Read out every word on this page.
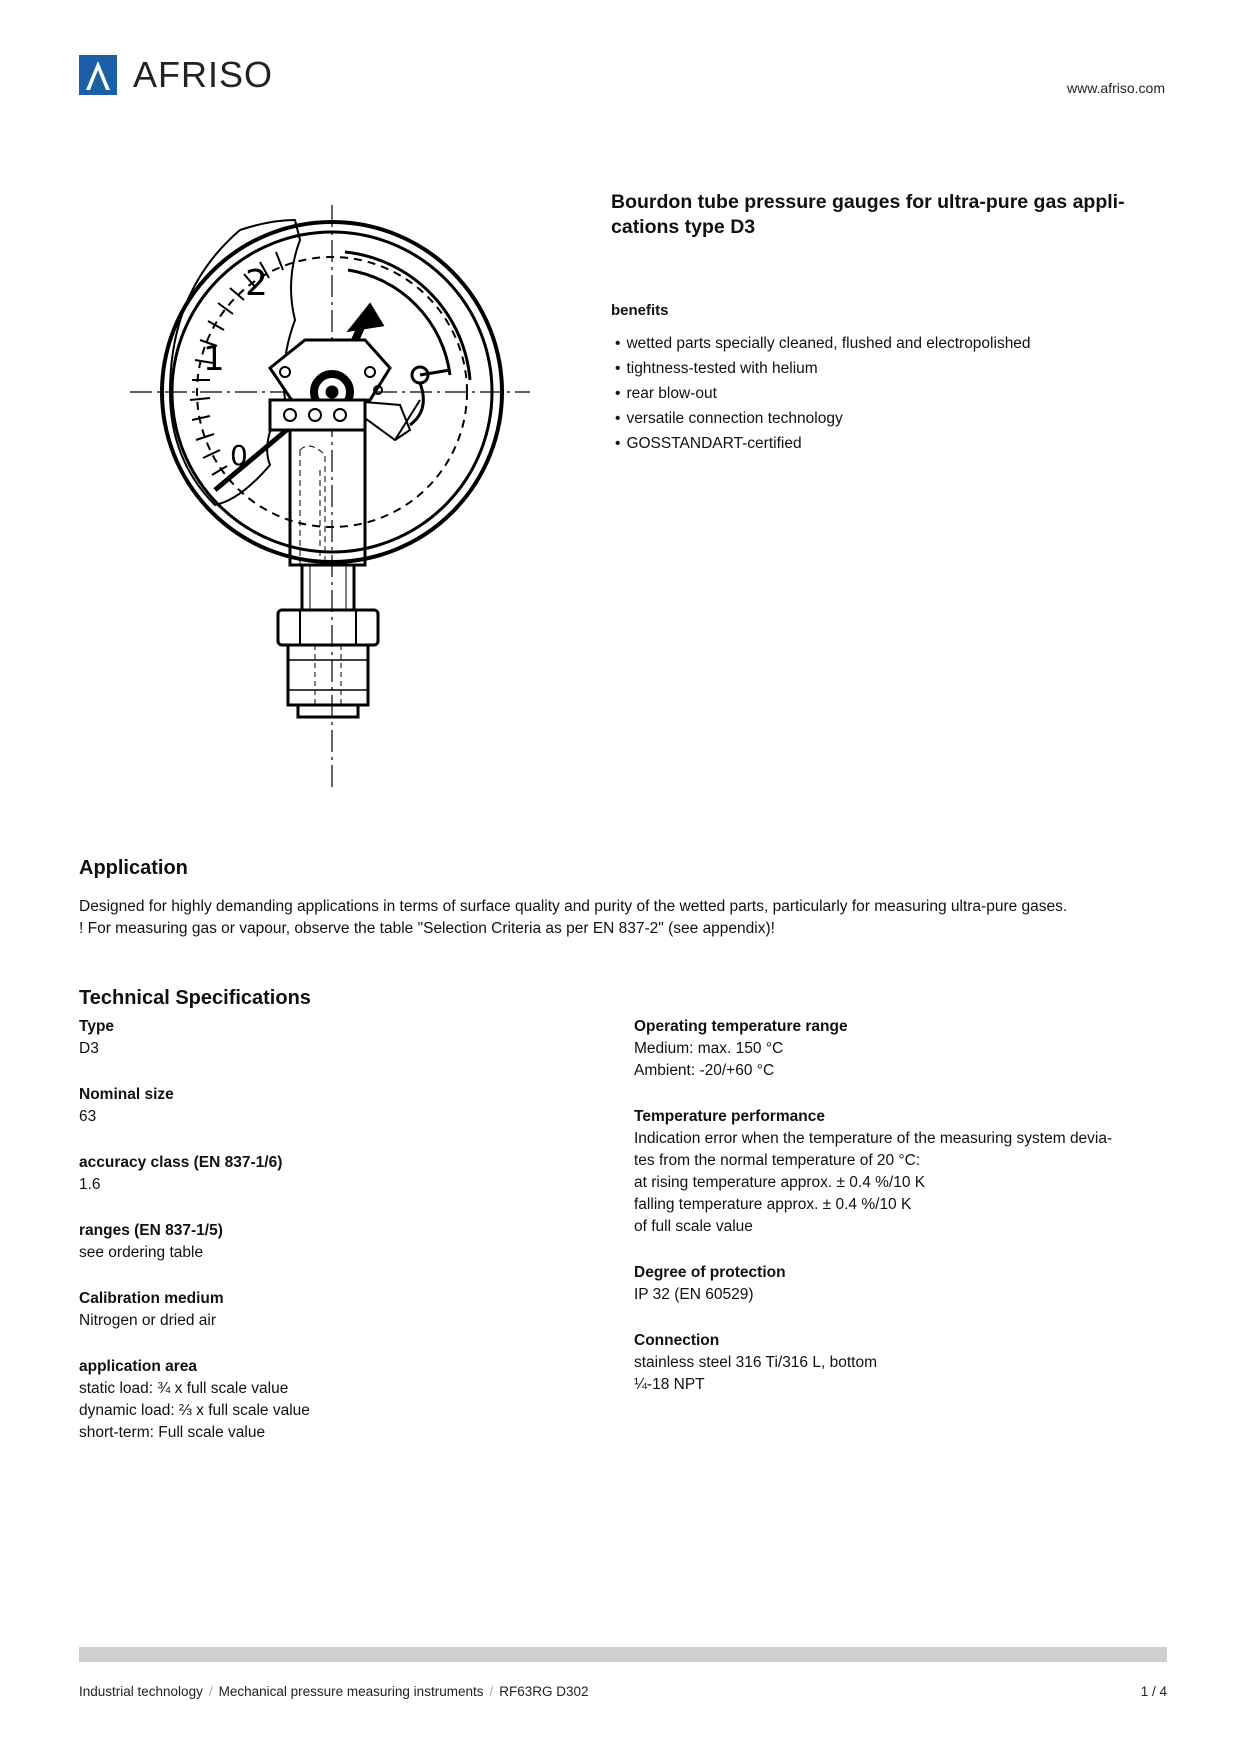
AFRISO	www.afriso.com
0
1
2
Bourdon tube pressure gauges for ultra-pure gas appli-
cations type D3
benefits
• wetted parts specially cleaned, flushed and electropolished
• tightness-tested with helium
• rear blow-out
• versatile connection technology
• GOSSTANDART-certified
Application
Designed for highly demanding applications in terms of surface quality and purity of the wetted parts, particularly for measuring ultra-pure gases.
! For measuring gas or vapour, observe the table "Selection Criteria as per EN 837-2" (see appendix)!
Technical Specifications
Type
D3
Nominal size
63
accuracy class (EN 837-1/6)
1.6
ranges (EN 837-1/5)
see ordering table
Calibration medium
Nitrogen or dried air
application area
static load: ¾ x full scale value
dynamic load: ⅔ x full scale value
short-term: Full scale value
Operating temperature range
Medium: max. 150 °C
Ambient: -20/+60 °C
Temperature performance
Indication error when the temperature of the measuring system devia-
tes from the normal temperature of 20 °C:
at rising temperature approx. ± 0.4 %/10 K
falling temperature approx. ± 0.4 %/10 K
of full scale value
Degree of protection
IP 32 (EN 60529)
Connection
stainless steel 316 Ti/316 L, bottom
¼-18 NPT
Industrial technology / Mechanical pressure measuring instruments / RF63RG D302	1 / 4
